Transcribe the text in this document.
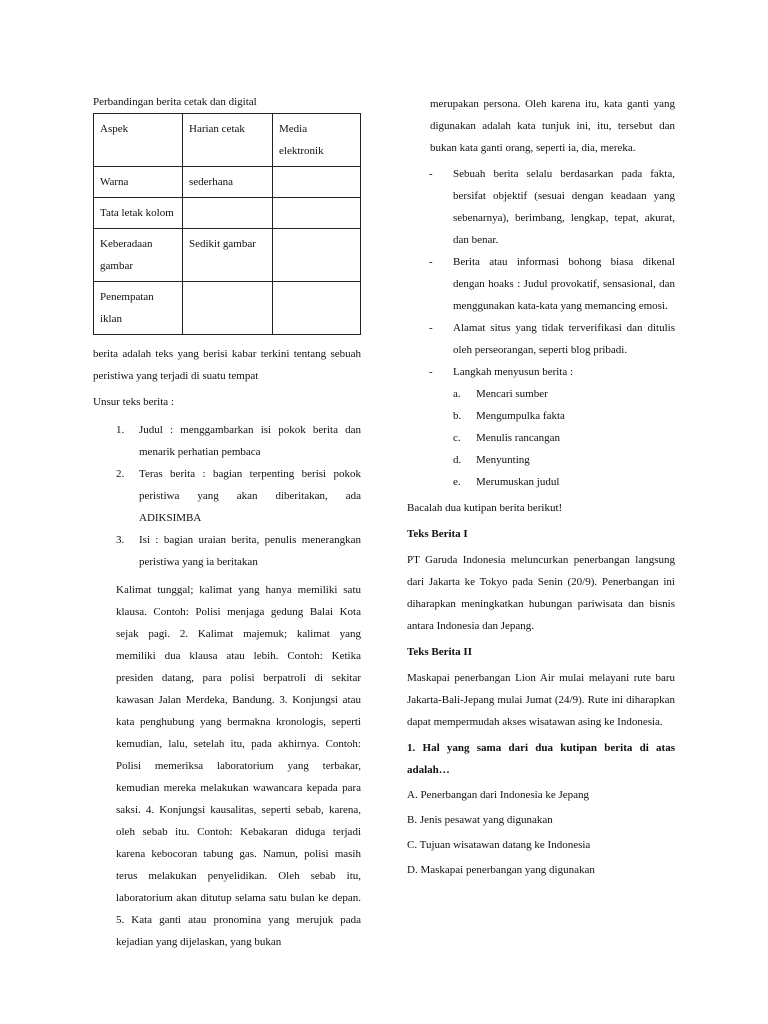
Perbandingan berita cetak dan digital
Aspek	Harian cetak	Media elektronik
Warna	sederhana	
Tata letak kolom		
Keberadaan gambar	Sedikit gambar	
Penempatan iklan		

berita adalah teks yang berisi kabar terkini tentang sebuah peristiwa yang terjadi di suatu tempat

Unsur teks berita :

1. Judul : menggambarkan isi pokok berita dan menarik perhatian pembaca
2. Teras berita : bagian terpenting berisi pokok peristiwa yang akan diberitakan, ada ADIKSIMBA
3. Isi : bagian uraian berita, penulis menerangkan peristiwa yang ia beritakan

Kalimat tunggal; kalimat yang hanya memiliki satu klausa. Contoh: Polisi menjaga gedung Balai Kota sejak pagi. 2. Kalimat majemuk; kalimat yang memiliki dua klausa atau lebih. Contoh: Ketika presiden datang, para polisi berpatroli di sekitar kawasan Jalan Merdeka, Bandung. 3. Konjungsi atau kata penghubung yang bermakna kronologis, seperti kemudian, lalu, setelah itu, pada akhirnya. Contoh: Polisi memeriksa laboratorium yang terbakar, kemudian mereka melakukan wawancara kepada para saksi. 4. Konjungsi kausalitas, seperti sebab, karena, oleh sebab itu. Contoh: Kebakaran diduga terjadi karena kebocoran tabung gas. Namun, polisi masih terus melakukan penyelidikan. Oleh sebab itu, laboratorium akan ditutup selama satu bulan ke depan. 5. Kata ganti atau pronomina yang merujuk pada kejadian yang dijelaskan, yang bukan

merupakan persona. Oleh karena itu, kata ganti yang digunakan adalah kata tunjuk ini, itu, tersebut dan bukan kata ganti orang, seperti ia, dia, mereka.

- Sebuah berita selalu berdasarkan pada fakta, bersifat objektif (sesuai dengan keadaan yang sebenarnya), berimbang, lengkap, tepat, akurat, dan benar.
- Berita atau informasi bohong biasa dikenal dengan hoaks : Judul provokatif, sensasional, dan menggunakan kata-kata yang memancing emosi.
- Alamat situs yang tidak terverifikasi dan ditulis oleh perseorangan, seperti blog pribadi.
- Langkah menyusun berita :
a. Mencari sumber
b. Mengumpulka fakta
c. Menulis rancangan
d. Menyunting
e. Merumuskan judul

Bacalah dua kutipan berita berikut!

Teks Berita I

PT Garuda Indonesia meluncurkan penerbangan langsung dari Jakarta ke Tokyo pada Senin (20/9). Penerbangan ini diharapkan meningkatkan hubungan pariwisata dan bisnis antara Indonesia dan Jepang.

Teks Berita II

Maskapai penerbangan Lion Air mulai melayani rute baru Jakarta-Bali-Jepang mulai Jumat (24/9). Rute ini diharapkan dapat mempermudah akses wisatawan asing ke Indonesia.

1. Hal yang sama dari dua kutipan berita di atas adalah…

A. Penerbangan dari Indonesia ke Jepang
B. Jenis pesawat yang digunakan
C. Tujuan wisatawan datang ke Indonesia
D. Maskapai penerbangan yang digunakan
